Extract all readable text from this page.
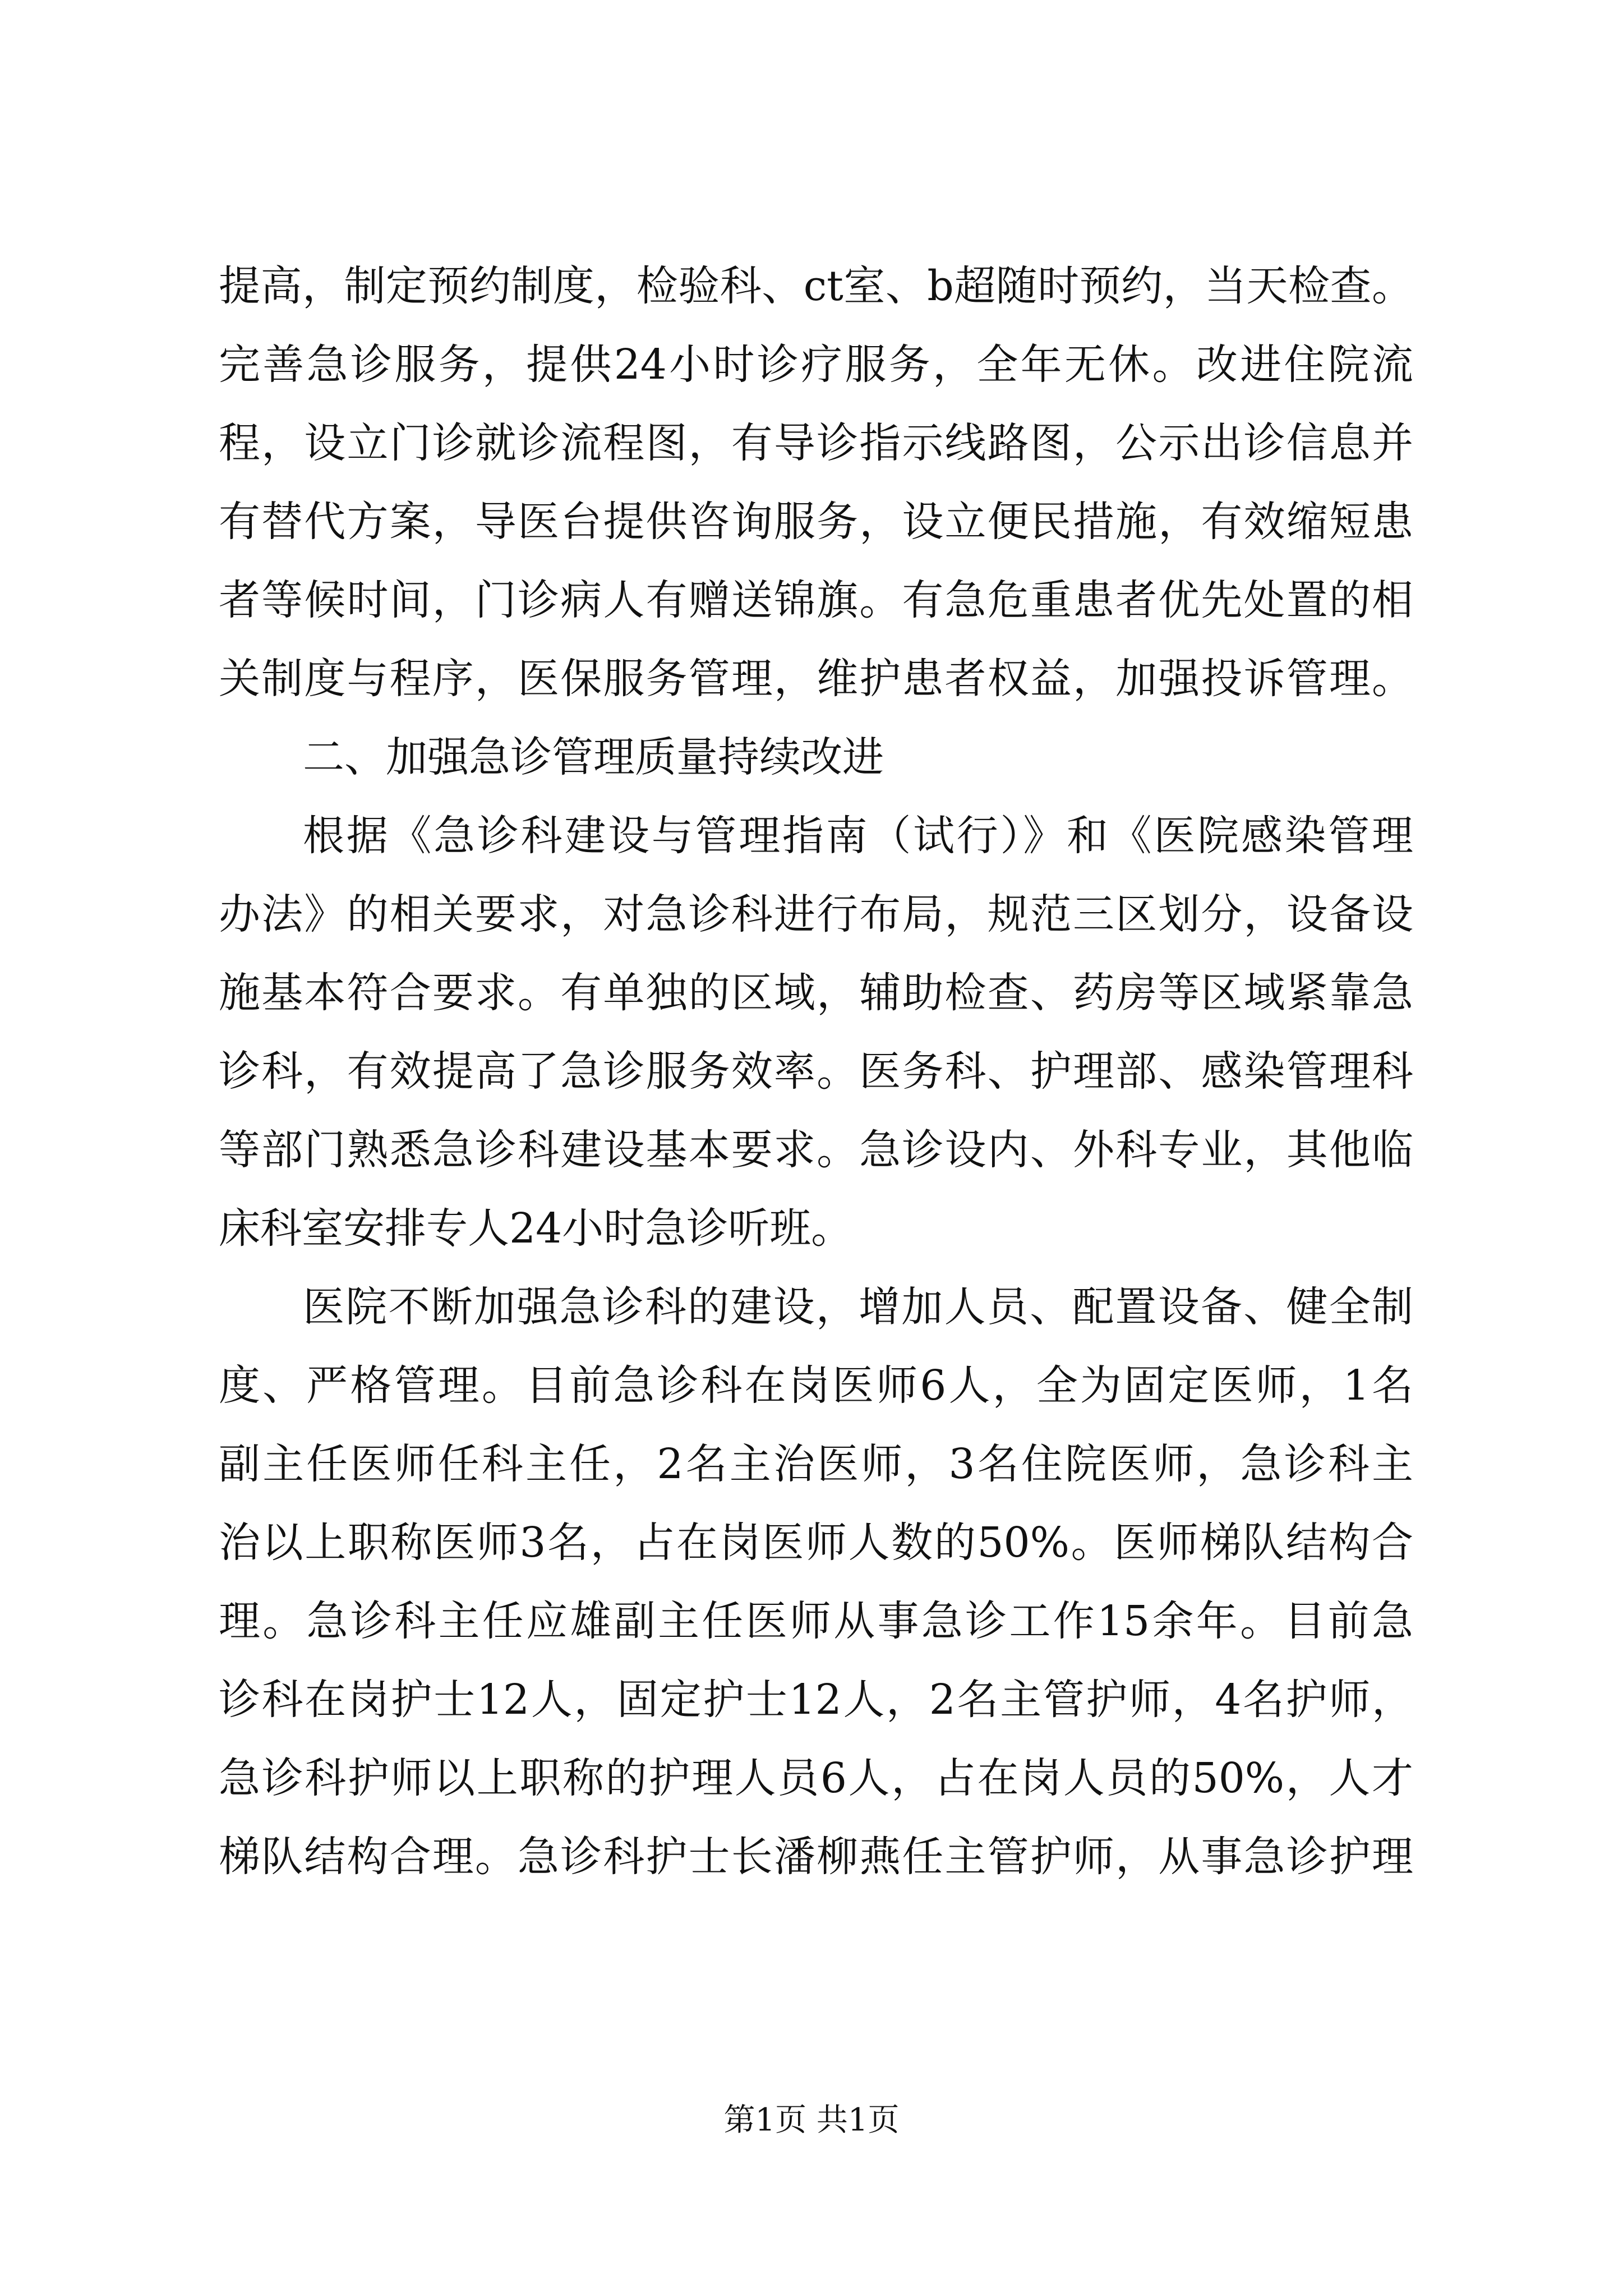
提高，制定预约制度，检验科、ct室、b超随时预约，当天检查。
完善急诊服务，提供24小时诊疗服务，全年无休。改进住院流
程，设立门诊就诊流程图，有导诊指示线路图，公示出诊信息并
有替代方案，导医台提供咨询服务，设立便民措施，有效缩短患
者等候时间，门诊病人有赠送锦旗。有急危重患者优先处置的相
关制度与程序，医保服务管理，维护患者权益，加强投诉管理。
二、加强急诊管理质量持续改进
根据《急诊科建设与管理指南（试行）》和《医院感染管理
办法》的相关要求，对急诊科进行布局，规范三区划分，设备设
施基本符合要求。有单独的区域，辅助检查、药房等区域紧靠急
诊科，有效提高了急诊服务效率。医务科、护理部、感染管理科
等部门熟悉急诊科建设基本要求。急诊设内、外科专业，其他临
床科室安排专人24小时急诊听班。
医院不断加强急诊科的建设，增加人员、配置设备、健全制
度、严格管理。目前急诊科在岗医师6人，全为固定医师，1名
副主任医师任科主任，2名主治医师，3名住院医师，急诊科主
治以上职称医师3名，占在岗医师人数的50%。医师梯队结构合
理。急诊科主任应雄副主任医师从事急诊工作15余年。目前急
诊科在岗护士12人，固定护士12人，2名主管护师，4名护师，
急诊科护师以上职称的护理人员6人，占在岗人员的50%，人才
梯队结构合理。急诊科护士长潘柳燕任主管护师，从事急诊护理
第1页 共1页
